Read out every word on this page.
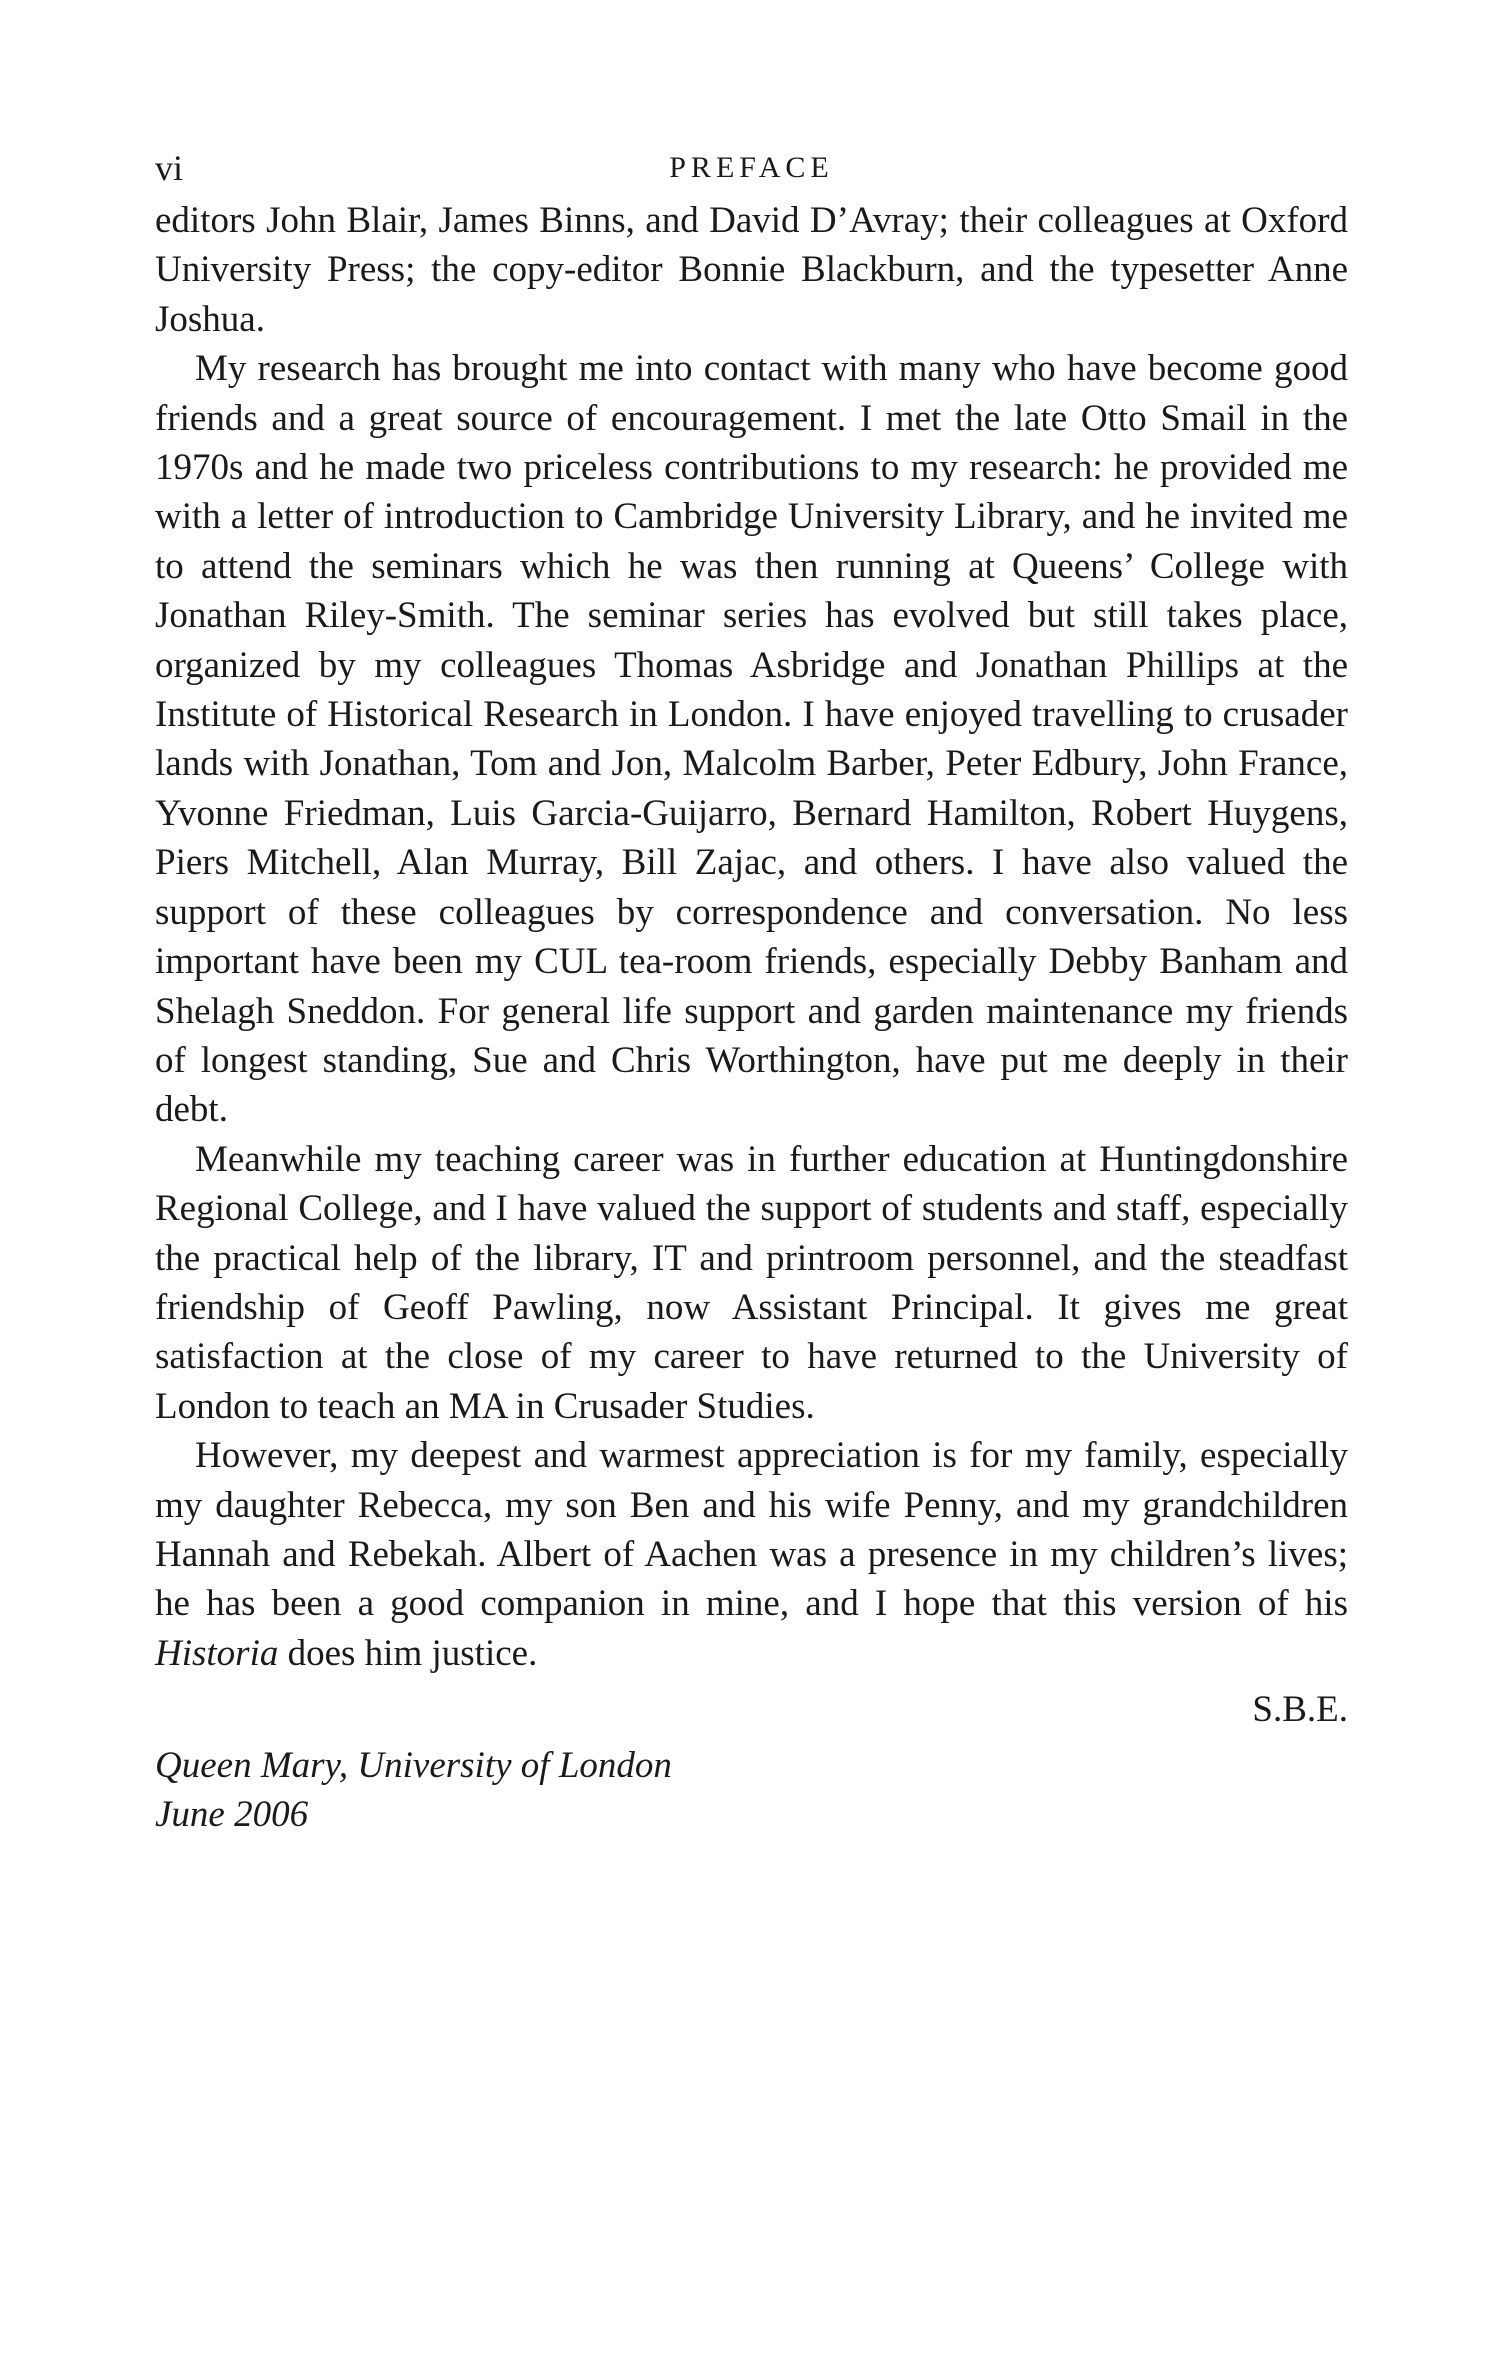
vi	PREFACE

editors John Blair, James Binns, and David D’Avray; their colleagues at Oxford University Press; the copy-editor Bonnie Blackburn, and the typesetter Anne Joshua.

My research has brought me into contact with many who have become good friends and a great source of encouragement. I met the late Otto Smail in the 1970s and he made two priceless contributions to my research: he provided me with a letter of introduction to Cambridge University Library, and he invited me to attend the seminars which he was then running at Queens’ College with Jonathan Riley-Smith. The seminar series has evolved but still takes place, organized by my colleagues Thomas Asbridge and Jonathan Phillips at the Institute of Historical Research in London. I have enjoyed travelling to crusader lands with Jonathan, Tom and Jon, Malcolm Barber, Peter Edbury, John France, Yvonne Friedman, Luis Garcia-Guijarro, Bernard Hamilton, Robert Huygens, Piers Mitchell, Alan Murray, Bill Zajac, and others. I have also valued the support of these colleagues by correspondence and conversation. No less important have been my CUL tea-room friends, especially Debby Banham and Shelagh Sneddon. For general life support and garden maintenance my friends of longest standing, Sue and Chris Worthington, have put me deeply in their debt.

Meanwhile my teaching career was in further education at Huntingdonshire Regional College, and I have valued the support of students and staff, especially the practical help of the library, IT and printroom personnel, and the steadfast friendship of Geoff Pawling, now Assistant Principal. It gives me great satisfaction at the close of my career to have returned to the University of London to teach an MA in Crusader Studies.

However, my deepest and warmest appreciation is for my family, especially my daughter Rebecca, my son Ben and his wife Penny, and my grandchildren Hannah and Rebekah. Albert of Aachen was a presence in my children’s lives; he has been a good companion in mine, and I hope that this version of his Historia does him justice.

S.B.E.
Queen Mary, University of London
June 2006
